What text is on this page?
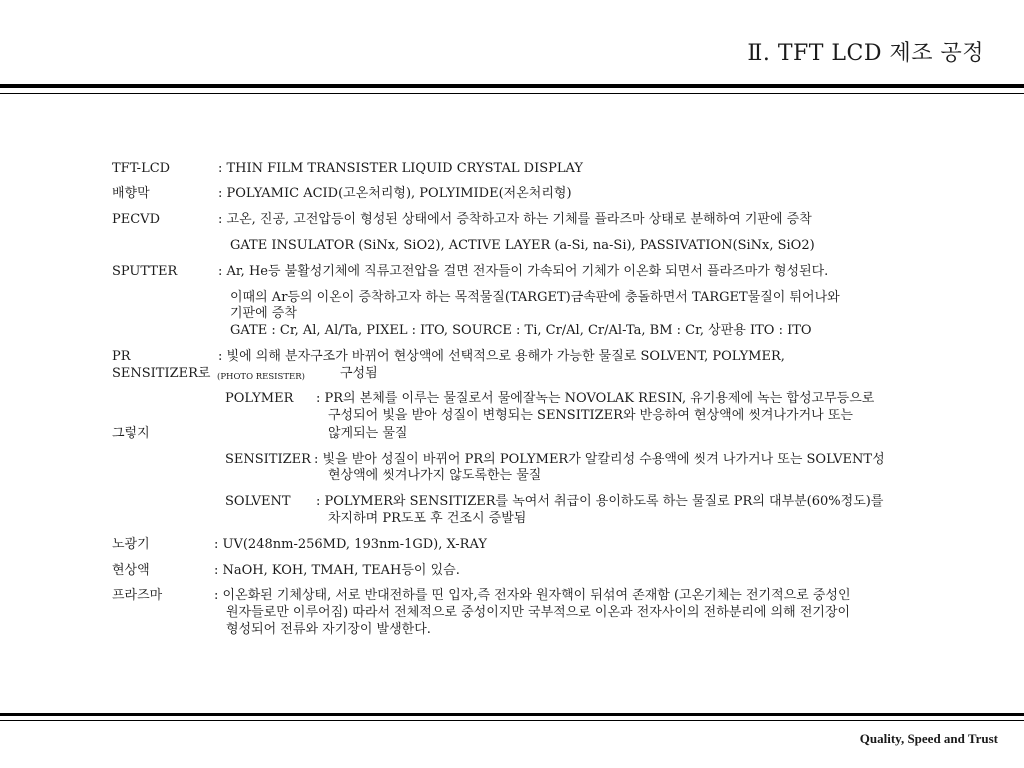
Ⅱ. TFT LCD 제조 공정
TFT-LCD	: THIN FILM TRANSISTER LIQUID CRYSTAL DISPLAY
배향막	: POLYAMIC ACID(고온처리형), POLYIMIDE(저온처리형)
PECVD	: 고온, 진공, 고전압등이 형성된 상태에서 증착하고자 하는 기체를 플라즈마 상태로 분해하여 기판에 증착
GATE INSULATOR (SiNx, SiO2), ACTIVE LAYER (a-Si, na-Si), PASSIVATION(SiNx, SiO2)
SPUTTER	: Ar, He등 불활성기체에 직류고전압을 걸면 전자들이 가속되어 기체가 이온화 되면서 플라즈마가 형성된다.
이때의 Ar등의 이온이 증착하고자 하는 목적물질(TARGET)금속판에 충돌하면서 TARGET물질이 튀어나와
기판에 증착
GATE : Cr, Al, Al/Ta, PIXEL : ITO, SOURCE : Ti, Cr/Al, Cr/Al-Ta, BM : Cr, 상판용 ITO : ITO
PR	: 빛에 의해 분자구조가 바뀌어 현상액에 선택적으로 용해가 가능한 물질로 SOLVENT, POLYMER,
SENSITIZER로 (PHOTO RESISTER)	구성됨
POLYMER : PR의 본체를 이루는 물질로서 물에잘녹는 NOVOLAK RESIN, 유기용제에 녹는 합성고무등으로
구성되어 빛을 받아 성질이 변형되는 SENSITIZER와 반응하여 현상액에 씻겨나가거나 또는
그렇지	않게되는 물질
SENSITIZER : 빛을 받아 성질이 바뀌어 PR의 POLYMER가 알칼리성 수용액에 씻겨 나가거나 또는 SOLVENT성
현상액에 씻겨나가지 않도록한는 물질
SOLVENT : POLYMER와 SENSITIZER를 녹여서 취급이 용이하도록 하는 물질로 PR의 대부분(60%정도)를
차지하며 PR도포 후 건조시 증발됨
노광기	: UV(248nm-256MD, 193nm-1GD), X-RAY
현상액	: NaOH, KOH, TMAH, TEAH등이 있슴.
프라즈마	: 이온화된 기체상태, 서로 반대전하를 띤 입자,즉 전자와 원자핵이 뒤섞여 존재함 (고온기체는 전기적으로 중성인
원자들로만 이루어짐) 따라서 전체적으로 중성이지만 국부적으로 이온과 전자사이의 전하분리에 의해 전기장이
형성되어 전류와 자기장이 발생한다.
Quality, Speed and Trust
